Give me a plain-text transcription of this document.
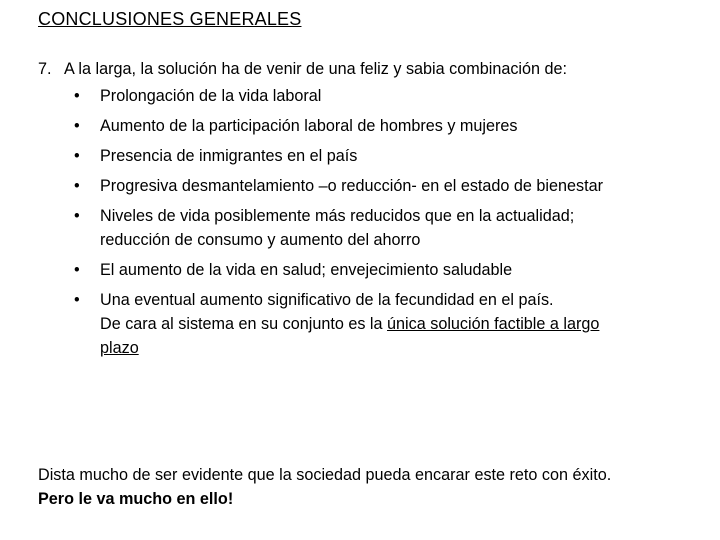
CONCLUSIONES GENERALES
7. A la larga, la solución ha de venir de una feliz y sabia combinación de:
•	Prolongación de la vida laboral
•	Aumento de la participación laboral de hombres y mujeres
•	Presencia de inmigrantes en el país
•	Progresiva desmantelamiento –o reducción- en el estado de bienestar
•	Niveles de vida posiblemente más reducidos que en la actualidad; reducción de consumo y aumento del ahorro
•	El aumento de la vida en salud; envejecimiento saludable
•	Una eventual aumento significativo de la fecundidad en el país.
De cara al sistema en su conjunto es la única solución factible a largo plazo
Dista mucho de ser evidente que la sociedad pueda encarar este reto con éxito. Pero le va mucho en ello!
